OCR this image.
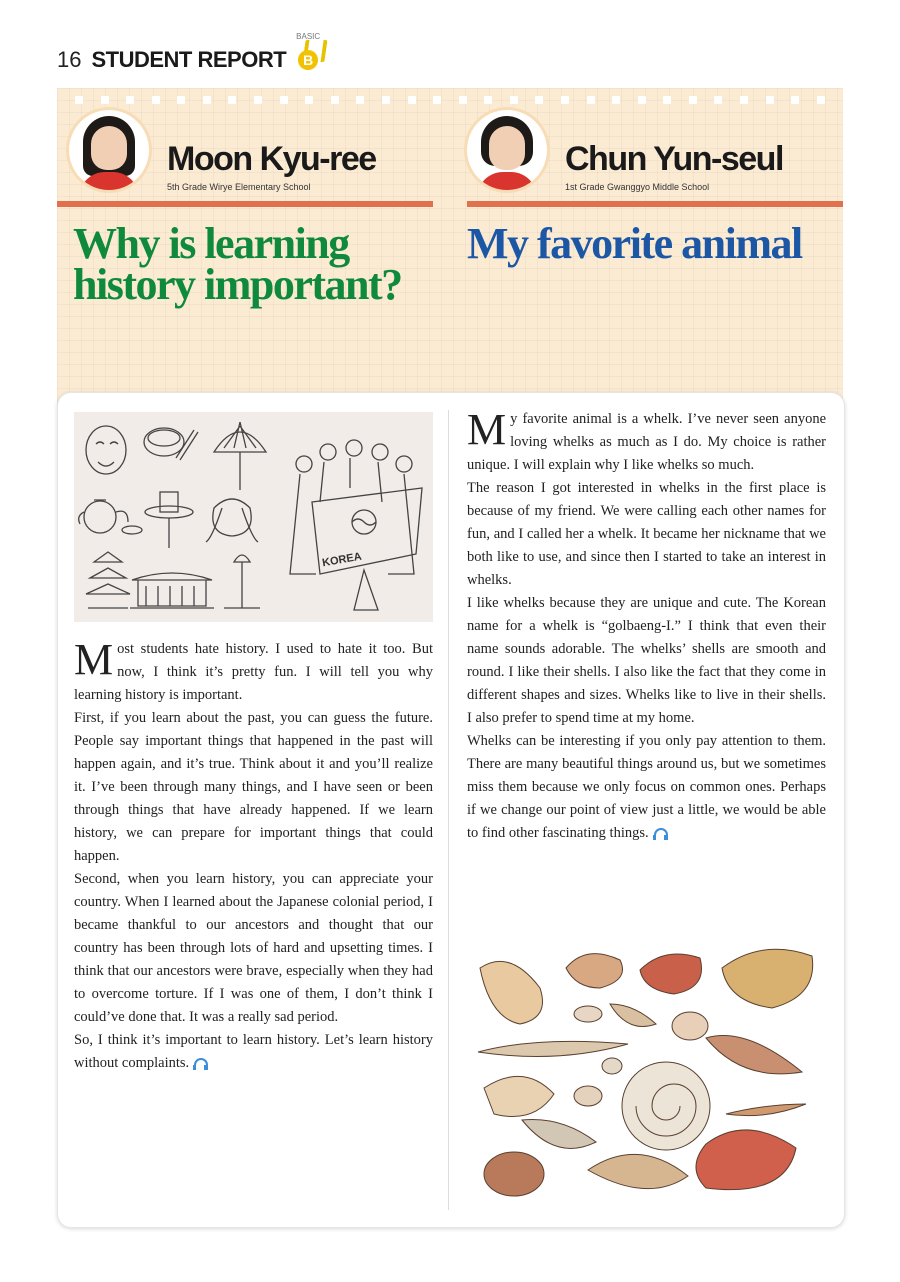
16 STUDENT REPORT
BASIC
B
Moon Kyu-ree
5th Grade Wirye Elementary School
Why is learning
history important?
Chun Yun-seul
1st Grade Gwanggyo Middle School
My favorite animal
KOREA

Most students hate history. I used to hate it too. But now, I think it’s pretty fun. I will tell you why learning history is important.

First, if you learn about the past, you can guess the future. People say important things that happened in the past will happen again, and it’s true. Think about it and you’ll realize it. I’ve been through many things, and I have seen or been through things that have already happened. If we learn history, we can prepare for important things that could happen.

Second, when you learn history, you can appreciate your country. When I learned about the Japanese colonial period, I became thankful to our ancestors and thought that our country has been through lots of hard and upsetting times. I think that our ancestors were brave, especially when they had to overcome torture. If I was one of them, I don’t think I could’ve done that. It was a really sad period.

So, I think it’s important to learn history. Let’s learn history without complaints.

My favorite animal is a whelk. I’ve never seen anyone loving whelks as much as I do. My choice is rather unique. I will explain why I like whelks so much.

The reason I got interested in whelks in the first place is because of my friend. We were calling each other names for fun, and I called her a whelk. It became her nickname that we both like to use, and since then I started to take an interest in whelks.

I like whelks because they are unique and cute. The Korean name for a whelk is “golbaeng-I.” I think that even their name sounds adorable. The whelks’ shells are smooth and round. I like their shells. I also like the fact that they come in different shapes and sizes. Whelks like to live in their shells. I also prefer to spend time at my home.

Whelks can be interesting if you only pay attention to them. There are many beautiful things around us, but we sometimes miss them because we only focus on common ones. Perhaps if we change our point of view just a little, we would be able to find other fascinating things.
